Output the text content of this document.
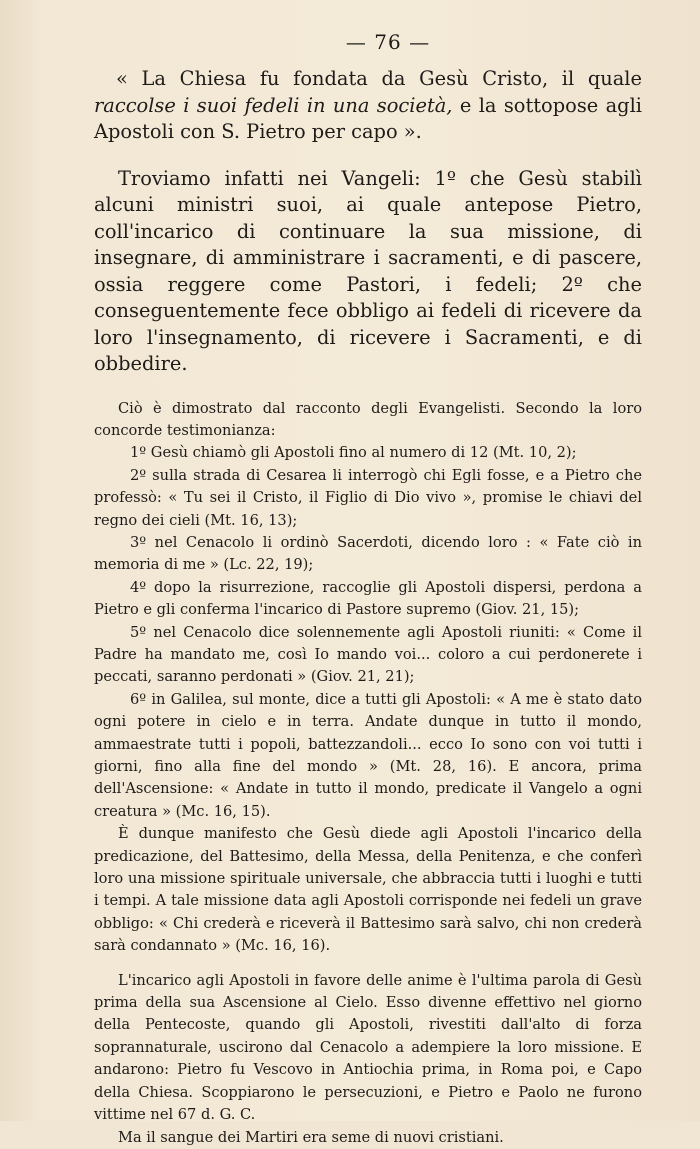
— 76 —

« La Chiesa fu fondata da Gesù Cristo, il quale raccolse i suoi fedeli in una società, e la sottopose agli Apostoli con S. Pietro per capo ».

Troviamo infatti nei Vangeli: 1º che Gesù stabilì alcuni ministri suoi, ai quale antepose Pietro, coll'incarico di continuare la sua missione, di insegnare, di amministrare i sacramenti, e di pascere, ossia reggere come Pastori, i fedeli; 2º che conseguentemente fece obbligo ai fedeli di ricevere da loro l'insegnamento, di ricevere i Sacramenti, e di obbedire.

Ciò è dimostrato dal racconto degli Evangelisti. Secondo la loro concorde testimonianza:

1º Gesù chiamò gli Apostoli fino al numero di 12 (Mt. 10, 2);

2º sulla strada di Cesarea li interrogò chi Egli fosse, e a Pietro che professò: « Tu sei il Cristo, il Figlio di Dio vivo », promise le chiavi del regno dei cieli (Mt. 16, 13);

3º nel Cenacolo li ordinò Sacerdoti, dicendo loro : « Fate ciò in memoria di me » (Lc. 22, 19);

4º dopo la risurrezione, raccoglie gli Apostoli dispersi, perdona a Pietro e gli conferma l'incarico di Pastore supremo (Giov. 21, 15);

5º nel Cenacolo dice solennemente agli Apostoli riuniti: « Come il Padre ha mandato me, così Io mando voi... coloro a cui perdonerete i peccati, saranno perdonati » (Giov. 21, 21);

6º in Galilea, sul monte, dice a tutti gli Apostoli: « A me è stato dato ogni potere in cielo e in terra. Andate dunque in tutto il mondo, ammaestrate tutti i popoli, battezzandoli... ecco Io sono con voi tutti i giorni, fino alla fine del mondo » (Mt. 28, 16). E ancora, prima dell'Ascensione: « Andate in tutto il mondo, predicate il Vangelo a ogni creatura » (Mc. 16, 15).

È dunque manifesto che Gesù diede agli Apostoli l'incarico della predicazione, del Battesimo, della Messa, della Penitenza, e che conferì loro una missione spirituale universale, che abbraccia tutti i luoghi e tutti i tempi. A tale missione data agli Apostoli corrisponde nei fedeli un grave obbligo: « Chi crederà e riceverà il Battesimo sarà salvo, chi non crederà sarà condannato » (Mc. 16, 16).

L'incarico agli Apostoli in favore delle anime è l'ultima parola di Gesù prima della sua Ascensione al Cielo. Esso divenne effettivo nel giorno della Pentecoste, quando gli Apostoli, rivestiti dall'alto di forza soprannaturale, uscirono dal Cenacolo a adempiere la loro missione. E andarono: Pietro fu Vescovo in Antiochia prima, in Roma poi, e Capo della Chiesa. Scoppiarono le persecuzioni, e Pietro e Paolo ne furono vittime nel 67 d. G. C.

Ma il sangue dei Martiri era seme di nuovi cristiani.
